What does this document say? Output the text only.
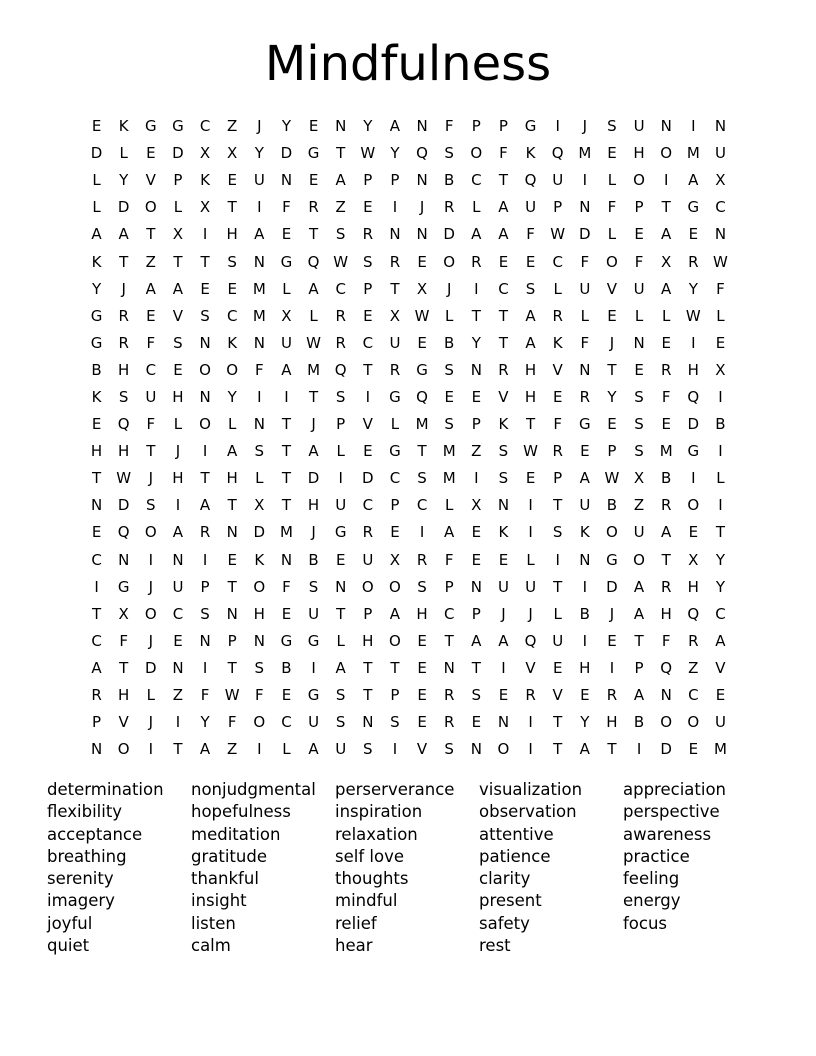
Mindfulness
E	K	G	G	C	Z	J	Y	E	N	Y	A	N	F	P	P	G	I	J	S	U	N	I	N
D	L	E	D	X	X	Y	D	G	T	W	Y	Q	S	O	F	K	Q	M	E	H	O	M	U
L	Y	V	P	K	E	U	N	E	A	P	P	N	B	C	T	Q	U	I	L	O	I	A	X
L	D	O	L	X	T	I	F	R	Z	E	I	J	R	L	A	U	P	N	F	P	T	G	C
A	A	T	X	I	H	A	E	T	S	R	N	N	D	A	A	F	W	D	L	E	A	E	N
K	T	Z	T	T	S	N	G	Q	W	S	R	E	O	R	E	E	C	F	O	F	X	R	W
Y	J	A	A	E	E	M	L	A	C	P	T	X	J	I	C	S	L	U	V	U	A	Y	F
G	R	E	V	S	C	M	X	L	R	E	X	W	L	T	T	A	R	L	E	L	L	W	L
G	R	F	S	N	K	N	U	W	R	C	U	E	B	Y	T	A	K	F	J	N	E	I	E
B	H	C	E	O	O	F	A	M	Q	T	R	G	S	N	R	H	V	N	T	E	R	H	X
K	S	U	H	N	Y	I	I	T	S	I	G	Q	E	E	V	H	E	R	Y	S	F	Q	I
E	Q	F	L	O	L	N	T	J	P	V	L	M	S	P	K	T	F	G	E	S	E	D	B
H	H	T	J	I	A	S	T	A	L	E	G	T	M	Z	S	W	R	E	P	S	M	G	I
T	W	J	H	T	H	L	T	D	I	D	C	S	M	I	S	E	P	A	W	X	B	I	L
N	D	S	I	A	T	X	T	H	U	C	P	C	L	X	N	I	T	U	B	Z	R	O	I
E	Q	O	A	R	N	D	M	J	G	R	E	I	A	E	K	I	S	K	O	U	A	E	T
C	N	I	N	I	E	K	N	B	E	U	X	R	F	E	E	L	I	N	G	O	T	X	Y
I	G	J	U	P	T	O	F	S	N	O	O	S	P	N	U	U	T	I	D	A	R	H	Y
T	X	O	C	S	N	H	E	U	T	P	A	H	C	P	J	J	L	B	J	A	H	Q	C
C	F	J	E	N	P	N	G	G	L	H	O	E	T	A	A	Q	U	I	E	T	F	R	A
A	T	D	N	I	T	S	B	I	A	T	T	E	N	T	I	V	E	H	I	P	Q	Z	V
R	H	L	Z	F	W	F	E	G	S	T	P	E	R	S	E	R	V	E	R	A	N	C	E
P	V	J	I	Y	F	O	C	U	S	N	S	E	R	E	N	I	T	Y	H	B	O	O	U
N	O	I	T	A	Z	I	L	A	U	S	I	V	S	N	O	I	T	A	T	I	D	E	M
determination
flexibility
acceptance
breathing
serenity
imagery
joyful
quiet
nonjudgmental
hopefulness
meditation
gratitude
thankful
insight
listen
calm
perserverance
inspiration
relaxation
self love
thoughts
mindful
relief
hear
visualization
observation
attentive
patience
clarity
present
safety
rest
appreciation
perspective
awareness
practice
feeling
energy
focus
